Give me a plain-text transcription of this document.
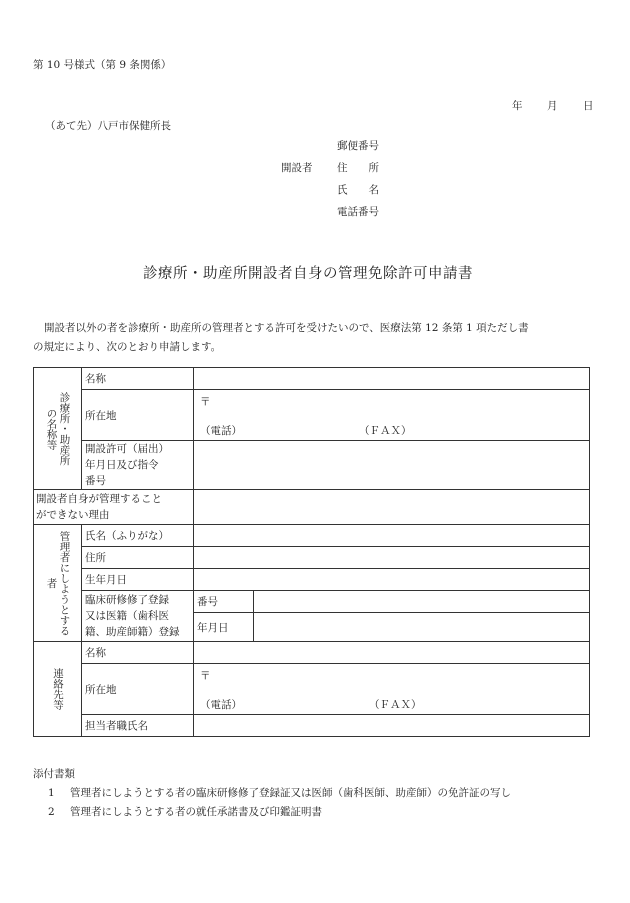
第 10 号様式（第 9 条関係）
年 月 日
（あて先）八戸市保健所長
郵便番号
開設者 住　　所
氏　　名
電話番号
診療所・助産所開設者自身の管理免除許可申請書
開設者以外の者を診療所・助産所の管理者とする許可を受けたいので、医療法第 12 条第 1 項ただし書
の規定により、次のとおり申請します。
診療所・助産所の名称等	名称		
	所在地	〒
（電話） （ＦＡＸ）	

	開設許可（届出）
年月日及び指令
番号		

開設者自身が管理すること
ができない理由			

管理者にしようとする者	氏名（ふりがな）		
	住所		
	生年月日		

	臨床研修修了登録
又は医籍（歯科医
籍、助産師籍）登録	番号	
		年月日	

連絡先等	名称		
	所在地	〒
（電話） （ＦＡＸ）	

	担当者職氏名		
添付書類
1 管理者にしようとする者の臨床研修修了登録証又は医師（歯科医師、助産師）の免許証の写し
2 管理者にしようとする者の就任承諾書及び印鑑証明書
